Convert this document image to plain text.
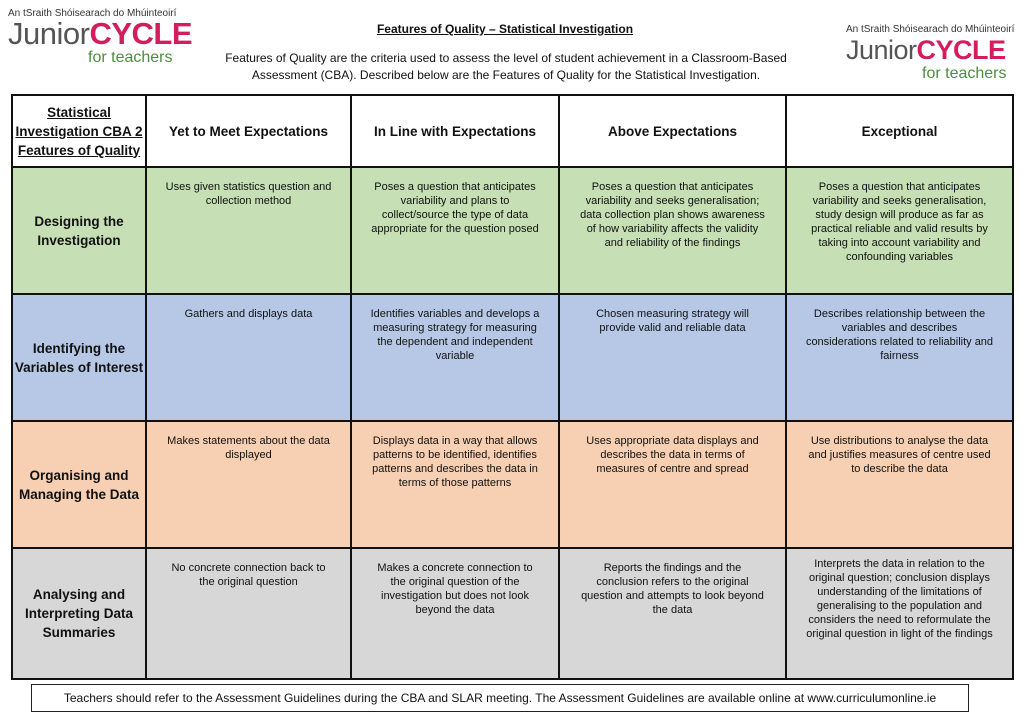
An tSraith Shóisearach do Mhúinteoirí
JuniorCYCLE
for teachers
An tSraith Shóisearach do Mhúinteoirí
JuniorCYCLE
for teachers
Features of Quality – Statistical Investigation
Features of Quality are the criteria used to assess the level of student achievement in a Classroom-Based Assessment (CBA). Described below are the Features of Quality for the Statistical Investigation.
Statistical Investigation CBA 2 Features of Quality	Yet to Meet Expectations	In Line with Expectations	Above Expectations	Exceptional
Designing the Investigation	Uses given statistics question and collection method	Poses a question that anticipates variability and plans to collect/source the type of data appropriate for the question posed	Poses a question that anticipates variability and seeks generalisation; data collection plan shows awareness of how variability affects the validity and reliability of the findings	Poses a question that anticipates variability and seeks generalisation, study design will produce as far as practical reliable and valid results by taking into account variability and confounding variables
Identifying the Variables of Interest	Gathers and displays data	Identifies variables and develops a measuring strategy for measuring the dependent and independent variable	Chosen measuring strategy will provide valid and reliable data	Describes relationship between the variables and describes considerations related to reliability and fairness
Organising and Managing the Data	Makes statements about the data displayed	Displays data in a way that allows patterns to be identified, identifies patterns and describes the data in terms of those patterns	Uses appropriate data displays and describes the data in terms of measures of centre and spread	Use distributions to analyse the data and justifies measures of centre used to describe the data
Analysing and Interpreting Data Summaries	No concrete connection back to the original question	Makes a concrete connection to the original question of the investigation but does not look beyond the data	Reports the findings and the conclusion refers to the original question and attempts to look beyond the data	Interprets the data in relation to the original question; conclusion displays understanding of the limitations of generalising to the population and considers the need to reformulate the original question in light of the findings
Teachers should refer to the Assessment Guidelines during the CBA and SLAR meeting. The Assessment Guidelines are available online at www.curriculumonline.ie
